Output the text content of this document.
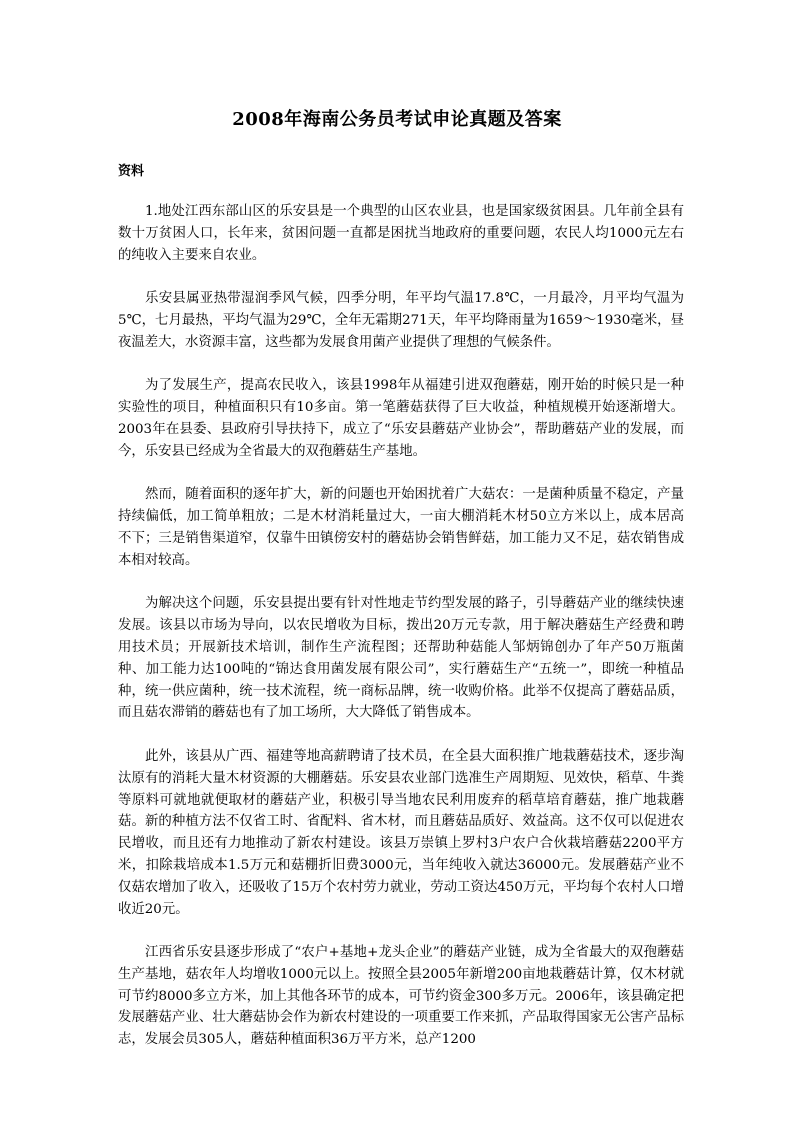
2008年海南公务员考试申论真题及答案
资料

1.地处江西东部山区的乐安县是一个典型的山区农业县，也是国家级贫困县。几年前全县有数十万贫困人口，长年来，贫困问题一直都是困扰当地政府的重要问题，农民人均1000元左右的纯收入主要来自农业。

乐安县属亚热带湿润季风气候，四季分明，年平均气温17.8℃，一月最冷，月平均气温为5℃，七月最热，平均气温为29℃，全年无霜期271天，年平均降雨量为1659～1930毫米，昼夜温差大，水资源丰富，这些都为发展食用菌产业提供了理想的气候条件。

为了发展生产，提高农民收入，该县1998年从福建引进双孢蘑菇，刚开始的时候只是一种实验性的项目，种植面积只有10多亩。第一笔蘑菇获得了巨大收益，种植规模开始逐渐增大。2003年在县委、县政府引导扶持下，成立了“乐安县蘑菇产业协会”，帮助蘑菇产业的发展，而今，乐安县已经成为全省最大的双孢蘑菇生产基地。

然而，随着面积的逐年扩大，新的问题也开始困扰着广大菇农：一是菌种质量不稳定，产量持续偏低，加工简单粗放；二是木材消耗量过大，一亩大棚消耗木材50立方米以上，成本居高不下；三是销售渠道窄，仅靠牛田镇傍安村的蘑菇协会销售鲜菇，加工能力又不足，菇农销售成本相对较高。

为解决这个问题，乐安县提出要有针对性地走节约型发展的路子，引导蘑菇产业的继续快速发展。该县以市场为导向，以农民增收为目标，拨出20万元专款，用于解决蘑菇生产经费和聘用技术员；开展新技术培训，制作生产流程图；还帮助种菇能人邹炳锦创办了年产50万瓶菌种、加工能力达100吨的“锦达食用菌发展有限公司”，实行蘑菇生产“五统一”，即统一种植品种，统一供应菌种，统一技术流程，统一商标品牌，统一收购价格。此举不仅提高了蘑菇品质，而且菇农滞销的蘑菇也有了加工场所，大大降低了销售成本。

此外，该县从广西、福建等地高薪聘请了技术员，在全县大面积推广地栽蘑菇技术，逐步淘汰原有的消耗大量木材资源的大棚蘑菇。乐安县农业部门选准生产周期短、见效快，稻草、牛粪等原料可就地就便取材的蘑菇产业，积极引导当地农民利用废弃的稻草培育蘑菇，推广地栽蘑菇。新的种植方法不仅省工时、省配料、省木材，而且蘑菇品质好、效益高。这不仅可以促进农民增收，而且还有力地推动了新农村建设。该县万崇镇上罗村3户农户合伙栽培蘑菇2200平方米，扣除栽培成本1.5万元和菇棚折旧费3000元，当年纯收入就达36000元。发展蘑菇产业不仅菇农增加了收入，还吸收了15万个农村劳力就业，劳动工资达450万元，平均每个农村人口增收近20元。

江西省乐安县逐步形成了“农户+基地+龙头企业”的蘑菇产业链，成为全省最大的双孢蘑菇生产基地，菇农年人均增收1000元以上。按照全县2005年新增200亩地栽蘑菇计算，仅木材就可节约8000多立方米，加上其他各环节的成本，可节约资金300多万元。2006年，该县确定把发展蘑菇产业、壮大蘑菇协会作为新农村建设的一项重要工作来抓，产品取得国家无公害产品标志，发展会员305人，蘑菇种植面积36万平方米，总产1200
